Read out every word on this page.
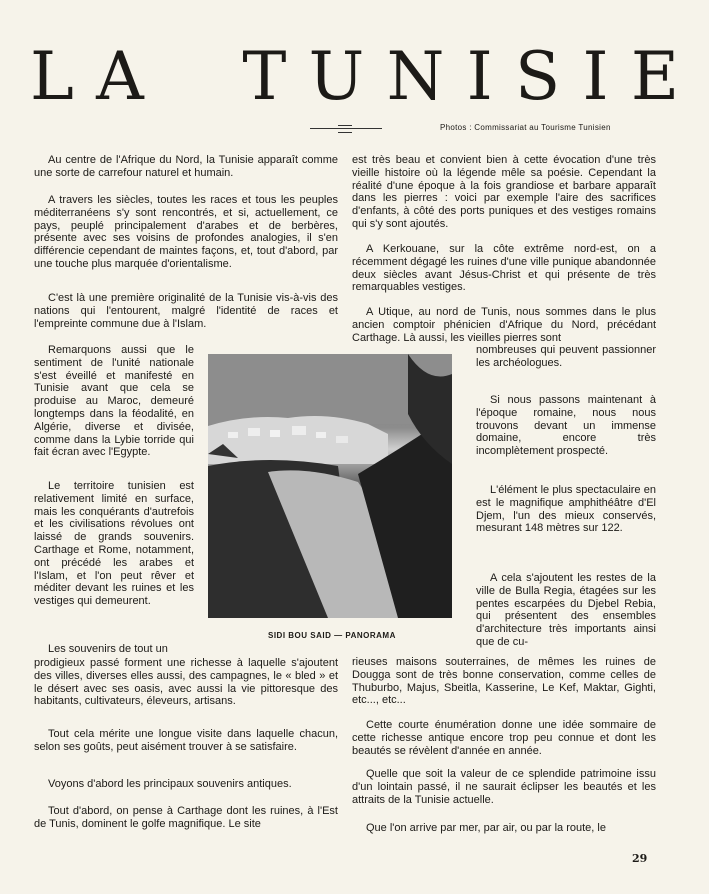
L A T U N I S I E
Photos : Commissariat au Tourisme Tunisien

Au centre de l'Afrique du Nord, la Tunisie apparaît comme une sorte de carrefour naturel et humain.

A travers les siècles, toutes les races et tous les peuples méditerranéens s'y sont rencontrés, et si, actuellement, ce pays, peuplé principalement d'arabes et de berbères, présente avec ses voisins de profondes analogies, il s'en différencie cependant de maintes façons, et, tout d'abord, par une touche plus marquée d'orientalisme.

C'est là une première originalité de la Tunisie vis-à-vis des nations qui l'entourent, malgré l'identité de races et l'empreinte commune due à l'Islam.

Remarquons aussi que le sentiment de l'unité nationale s'est éveillé et manifesté en Tunisie avant que cela se produise au Maroc, demeuré longtemps dans la féodalité, en Algérie, diverse et divisée, comme dans la Lybie torride qui fait écran avec l'Egypte.

Le territoire tunisien est relativement limité en surface, mais les conquérants d'autrefois et les civilisations révolues ont laissé de grands souvenirs. Carthage et Rome, notamment, ont précédé les arabes et l'Islam, et l'on peut rêver et méditer devant les ruines et les vestiges qui demeurent.

Les souvenirs de tout un

prodigieux passé forment une richesse à laquelle s'ajoutent des villes, diverses elles aussi, des campagnes, le « bled » et le désert avec ses oasis, avec aussi la vie pittoresque des habitants, cultivateurs, éleveurs, artisans.

Tout cela mérite une longue visite dans laquelle chacun, selon ses goûts, peut aisément trouver à se satisfaire.

Voyons d'abord les principaux souvenirs antiques.

Tout d'abord, on pense à Carthage dont les ruines, à l'Est de Tunis, dominent le golfe magnifique. Le site

SIDI BOU SAID — PANORAMA

est très beau et convient bien à cette évocation d'une très vieille histoire où la légende mêle sa poésie. Cependant la réalité d'une époque à la fois grandiose et barbare apparaît dans les pierres : voici par exemple l'aire des sacrifices d'enfants, à côté des ports puniques et des vestiges romains qui s'y sont ajoutés.

A Kerkouane, sur la côte extrême nord-est, on a récemment dégagé les ruines d'une ville punique abandonnée deux siècles avant Jésus-Christ et qui présente de très remarquables vestiges.

A Utique, au nord de Tunis, nous sommes dans le plus ancien comptoir phénicien d'Afrique du Nord, précédant Carthage. Là aussi, les vieilles pierres sont

nombreuses qui peuvent passionner les archéologues.

Si nous passons maintenant à l'époque romaine, nous nous trouvons devant un immense domaine, encore très incomplètement prospecté.

L'élément le plus spectaculaire en est le magnifique amphithéâtre d'El Djem, l'un des mieux conservés, mesurant 148 mètres sur 122.

A cela s'ajoutent les restes de la ville de Bulla Regia, étagées sur les pentes escarpées du Djebel Rebia, qui présentent des ensembles d'architecture très importants ainsi que de cu-

rieuses maisons souterraines, de mêmes les ruines de Dougga sont de très bonne conservation, comme celles de Thuburbo, Majus, Sbeitla, Kasserine, Le Kef, Maktar, Gighti, etc..., etc...

Cette courte énumération donne une idée sommaire de cette richesse antique encore trop peu connue et dont les beautés se révèlent d'année en année.

Quelle que soit la valeur de ce splendide patrimoine issu d'un lointain passé, il ne saurait éclipser les beautés et les attraits de la Tunisie actuelle.

Que l'on arrive par mer, par air, ou par la route, le

29
